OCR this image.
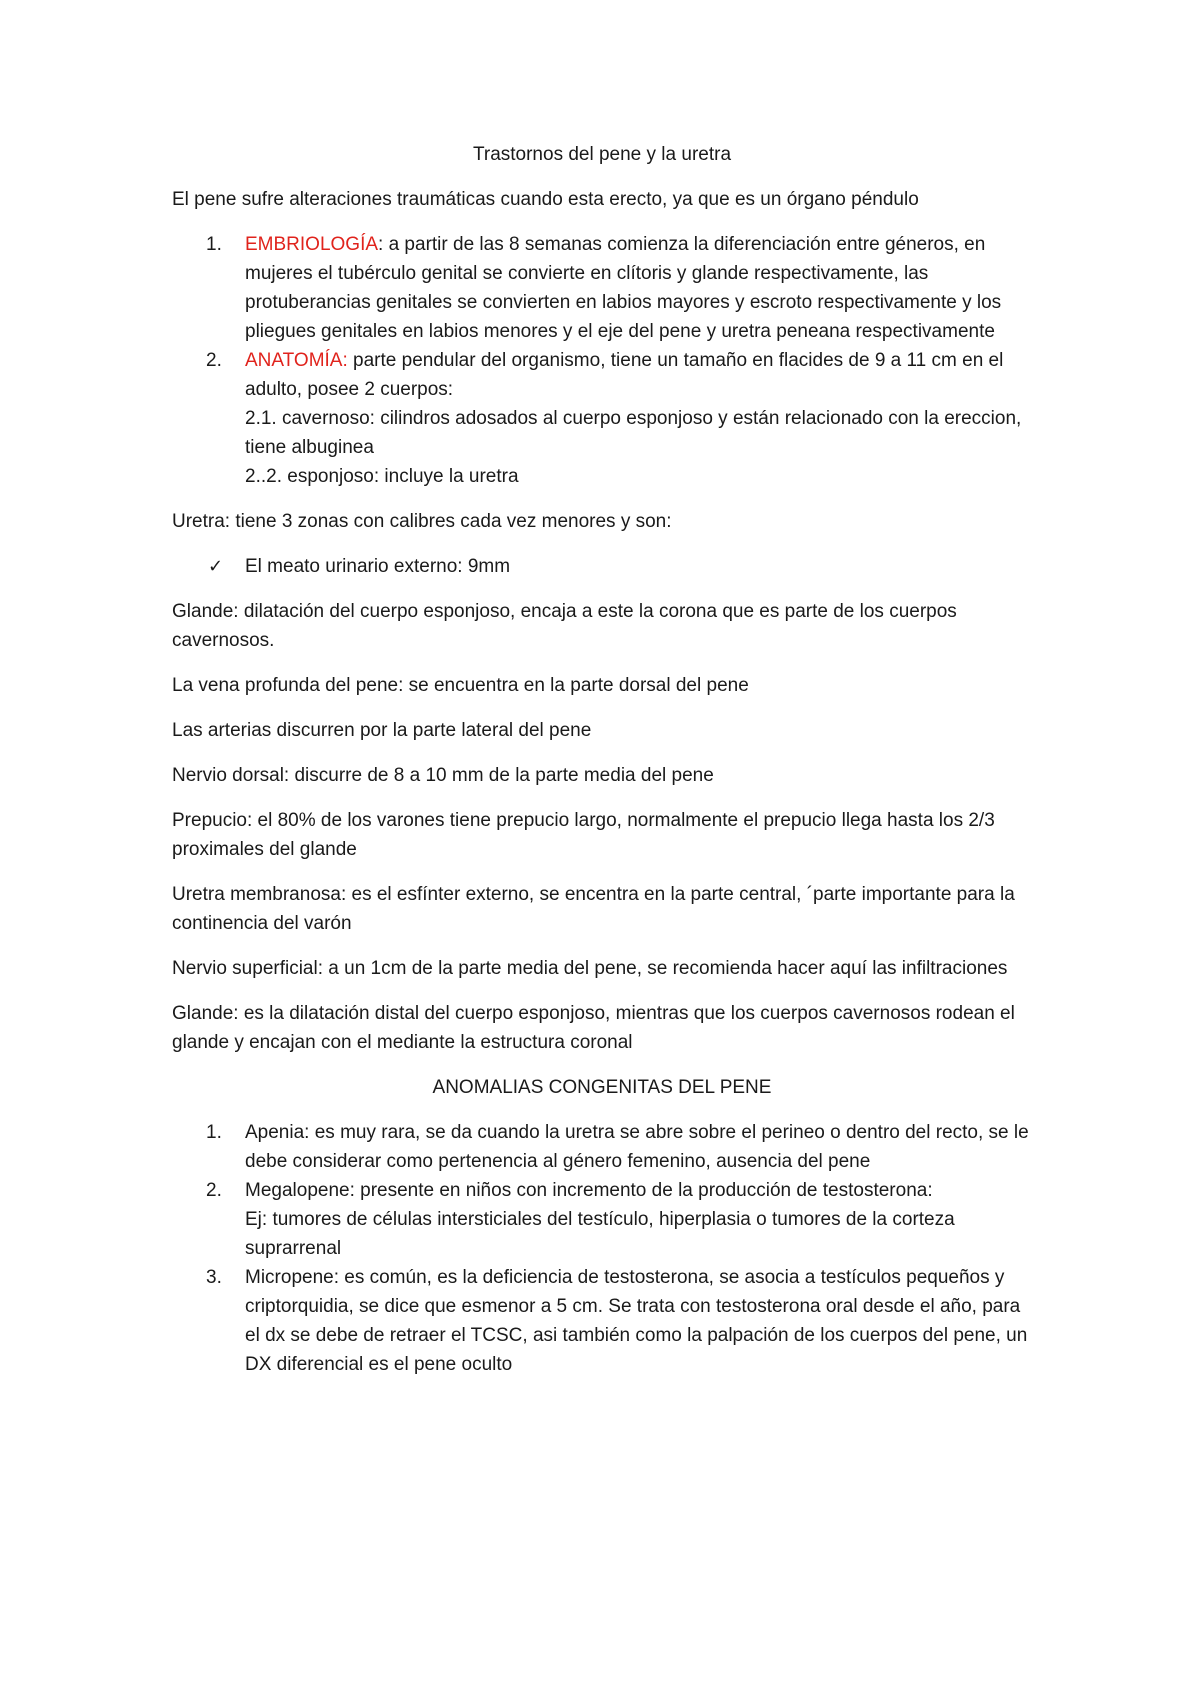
Trastornos del pene y la uretra

El pene sufre alteraciones traumáticas cuando esta erecto, ya que es un órgano péndulo

1. EMBRIOLOGÍA: a partir de las 8 semanas comienza la diferenciación entre géneros, en mujeres el tubérculo genital se convierte en clítoris y glande respectivamente, las protuberancias genitales se convierten en labios mayores y escroto respectivamente y los pliegues genitales en labios menores y el eje del pene y uretra peneana respectivamente
2. ANATOMÍA: parte pendular del organismo, tiene un tamaño en flacides de 9 a 11 cm en el adulto, posee 2 cuerpos:
2.1. cavernoso: cilindros adosados al cuerpo esponjoso y están relacionado con la ereccion, tiene albuginea
2..2. esponjoso: incluye la uretra

Uretra: tiene 3 zonas con calibres cada vez menores y son:

✓ El meato urinario externo: 9mm

Glande: dilatación del cuerpo esponjoso, encaja a este la corona que es parte de los cuerpos cavernosos.

La vena profunda del pene: se encuentra en la parte dorsal del pene

Las arterias discurren por la parte lateral del pene

Nervio dorsal: discurre de 8 a 10 mm de la parte media del pene

Prepucio: el 80% de los varones tiene prepucio largo, normalmente el prepucio llega hasta los 2/3 proximales del glande

Uretra membranosa: es el esfínter externo, se encentra en la parte central, ´parte importante para la continencia del varón

Nervio superficial: a un 1cm de la parte media del pene, se recomienda hacer aquí las infiltraciones

Glande: es la dilatación distal del cuerpo esponjoso, mientras que los cuerpos cavernosos rodean el glande y encajan con el mediante la estructura coronal

ANOMALIAS CONGENITAS DEL PENE

1. Apenia: es muy rara, se da cuando la uretra se abre sobre el perineo o dentro del recto, se le debe considerar como pertenencia al género femenino, ausencia del pene
2. Megalopene: presente en niños con incremento de la producción de testosterona:
Ej: tumores de células intersticiales del testículo, hiperplasia o tumores de la corteza suprarrenal
3. Micropene: es común, es la deficiencia de testosterona, se asocia a testículos pequeños y criptorquidia, se dice que esmenor a 5 cm. Se trata con testosterona oral desde el año, para el dx se debe de retraer el TCSC, asi también como la palpación de los cuerpos del pene, un DX diferencial es el pene oculto
